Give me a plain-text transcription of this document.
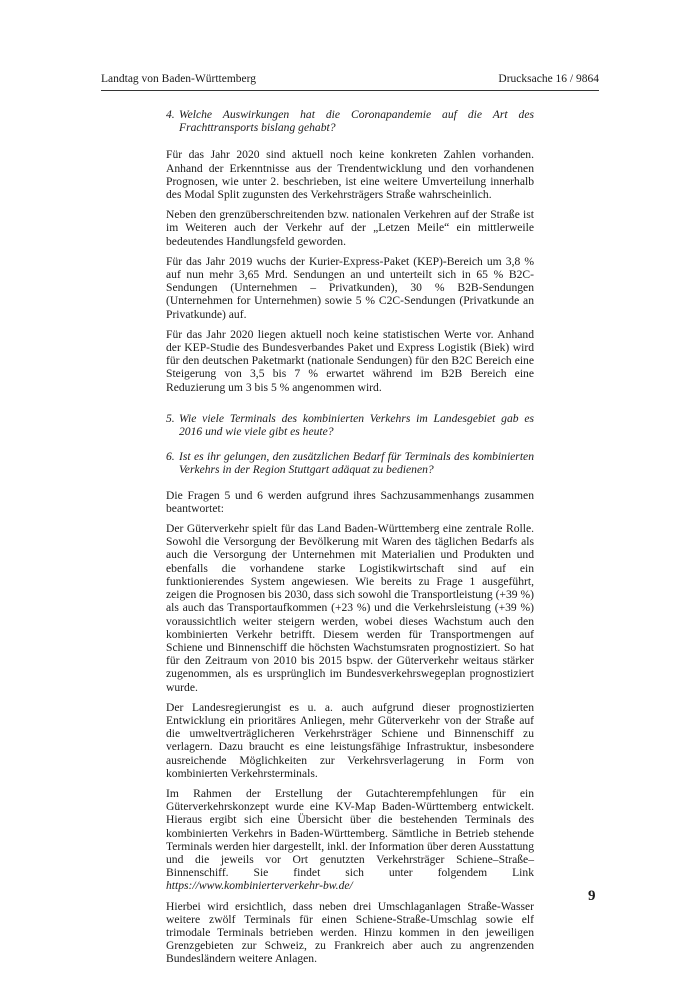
Landtag von Baden-Württemberg	Drucksache 16 / 9864
4. Welche Auswirkungen hat die Coronapandemie auf die Art des Frachttransports bislang gehabt?

Für das Jahr 2020 sind aktuell noch keine konkreten Zahlen vorhanden. Anhand der Erkenntnisse aus der Trendentwicklung und den vorhandenen Prognosen, wie unter 2. beschrieben, ist eine weitere Umverteilung innerhalb des Modal Split zugunsten des Verkehrsträgers Straße wahrscheinlich.

Neben den grenzüberschreitenden bzw. nationalen Verkehren auf der Straße ist im Weiteren auch der Verkehr auf der „Letzen Meile“ ein mittlerweile bedeutendes Handlungsfeld geworden.

Für das Jahr 2019 wuchs der Kurier-Express-Paket (KEP)-Bereich um 3,8 % auf nun mehr 3,65 Mrd. Sendungen an und unterteilt sich in 65 % B2C-Sendungen (Unternehmen – Privatkunden), 30 % B2B-Sendungen (Unternehmen for Unternehmen) sowie 5 % C2C-Sendungen (Privatkunde an Privatkunde) auf.

Für das Jahr 2020 liegen aktuell noch keine statistischen Werte vor. Anhand der KEP-Studie des Bundesverbandes Paket und Express Logistik (Biek) wird für den deutschen Paketmarkt (nationale Sendungen) für den B2C Bereich eine Steigerung von 3,5 bis 7 % erwartet während im B2B Bereich eine Reduzierung um 3 bis 5 % angenommen wird.

5. Wie viele Terminals des kombinierten Verkehrs im Landesgebiet gab es 2016 und wie viele gibt es heute?
6. Ist es ihr gelungen, den zusätzlichen Bedarf für Terminals des kombinierten Verkehrs in der Region Stuttgart adäquat zu bedienen?

Die Fragen 5 und 6 werden aufgrund ihres Sachzusammenhangs zusammen beantwortet:

Der Güterverkehr spielt für das Land Baden-Württemberg eine zentrale Rolle. Sowohl die Versorgung der Bevölkerung mit Waren des täglichen Bedarfs als auch die Versorgung der Unternehmen mit Materialien und Produkten und ebenfalls die vorhandene starke Logistikwirtschaft sind auf ein funktionierendes System angewiesen. Wie bereits zu Frage 1 ausgeführt, zeigen die Prognosen bis 2030, dass sich sowohl die Transportleistung (+39 %) als auch das Transportaufkommen (+23 %) und die Verkehrsleistung (+39 %) voraussichtlich weiter steigern werden, wobei dieses Wachstum auch den kombinierten Verkehr betrifft. Diesem werden für Transportmengen auf Schiene und Binnenschiff die höchsten Wachstumsraten prognostiziert. So hat für den Zeitraum von 2010 bis 2015 bspw. der Güterverkehr weitaus stärker zugenommen, als es ursprünglich im Bundesverkehrswegeplan prognostiziert wurde.

Der Landesregierungist es u. a. auch aufgrund dieser prognostizierten Entwicklung ein prioritäres Anliegen, mehr Güterverkehr von der Straße auf die umweltverträglicheren Verkehrsträger Schiene und Binnenschiff zu verlagern. Dazu braucht es eine leistungsfähige Infrastruktur, insbesondere ausreichende Möglichkeiten zur Verkehrsverlagerung in Form von kombinierten Verkehrsterminals.

Im Rahmen der Erstellung der Gutachterempfehlungen für ein Güterverkehrskonzept wurde eine KV-Map Baden-Württemberg entwickelt. Hieraus ergibt sich eine Übersicht über die bestehenden Terminals des kombinierten Verkehrs in Baden-Württemberg. Sämtliche in Betrieb stehende Terminals werden hier dargestellt, inkl. der Information über deren Ausstattung und die jeweils vor Ort genutzten Verkehrsträger Schiene–Straße–Binnenschiff. Sie findet sich unter folgendem Link https://www.kombinierterverkehr-bw.de/

Hierbei wird ersichtlich, dass neben drei Umschlaganlagen Straße-Wasser weitere zwölf Terminals für einen Schiene-Straße-Umschlag sowie elf trimodale Terminals betrieben werden. Hinzu kommen in den jeweiligen Grenzgebieten zur Schweiz, zu Frankreich aber auch zu angrenzenden Bundesländern weitere Anlagen.

9
